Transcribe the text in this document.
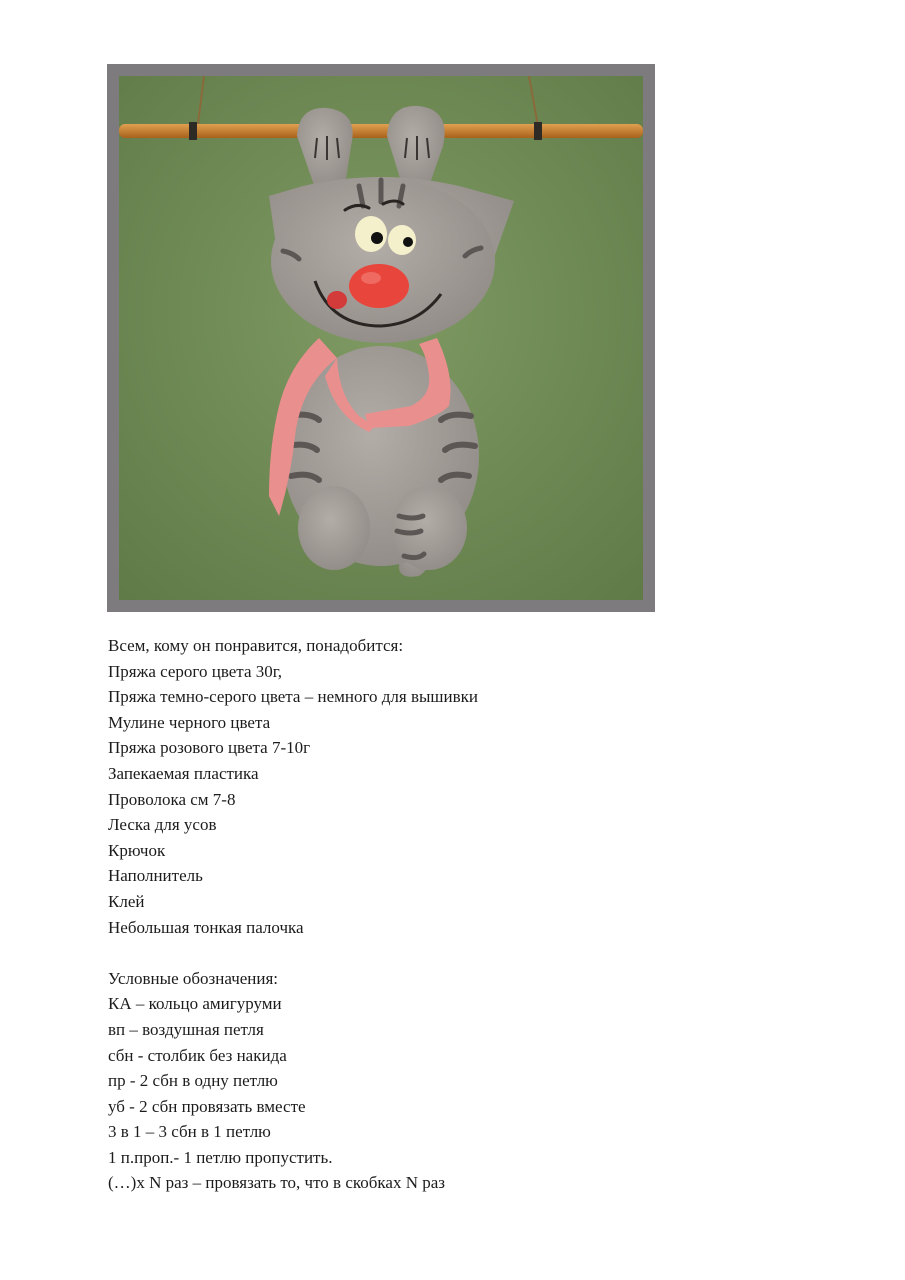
Всем, кому он понравится, понадобится:
Пряжа серого цвета 30г,
Пряжа темно-серого цвета – немного для вышивки
Мулине черного цвета
Пряжа розового цвета 7-10г
Запекаемая пластика
Проволока см 7-8
Леска для усов
Крючок
Наполнитель
Клей
Небольшая тонкая палочка
Условные обозначения:
КА – кольцо амигуруми
вп – воздушная петля
сбн - столбик без накида
пр - 2 сбн в одну петлю
уб - 2 сбн провязать вместе
3 в 1 – 3 сбн в 1 петлю
1 п.проп.- 1 петлю пропустить.
(…)х N раз – провязать то, что в скобках N раз
